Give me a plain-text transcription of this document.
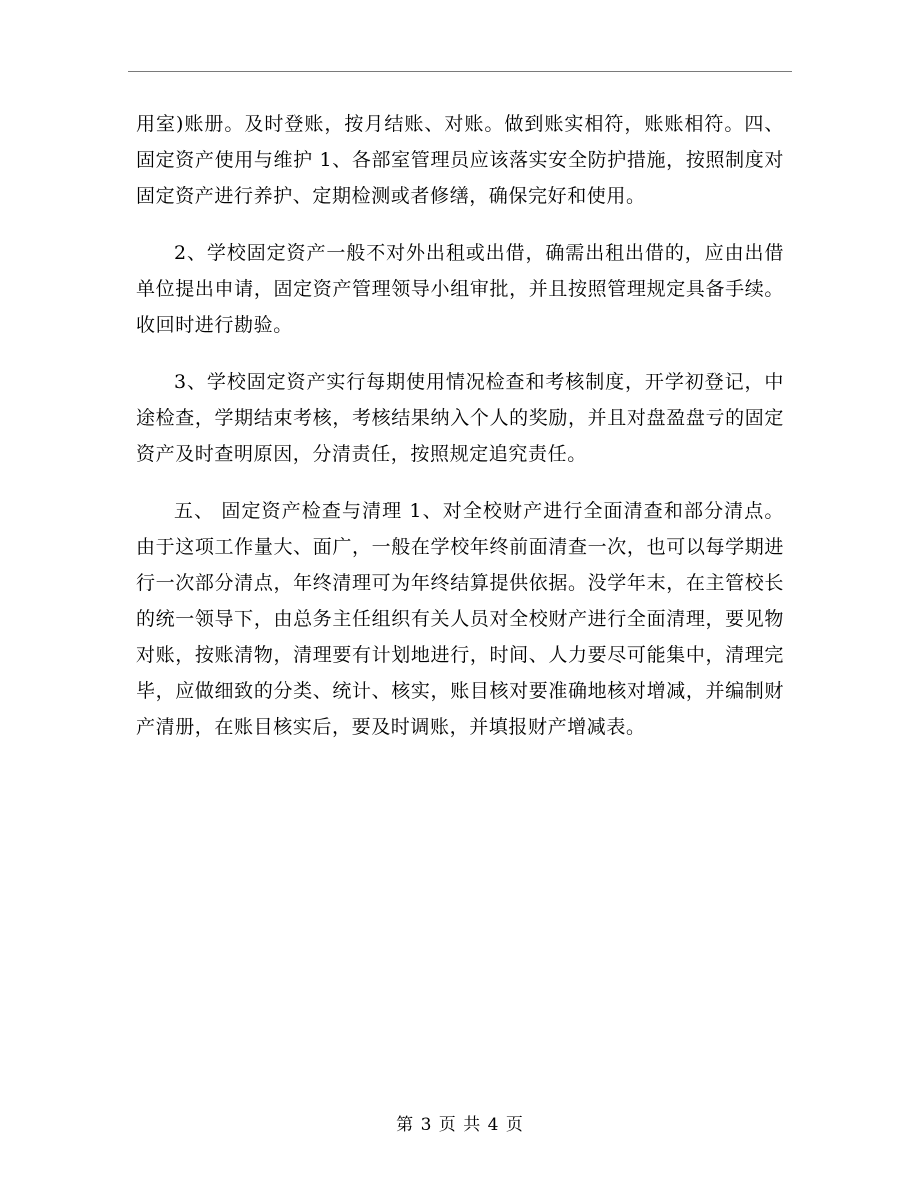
用室)账册。及时登账，按月结账、对账。做到账实相符，账账相符。四、固定资产使用与维护 1、各部室管理员应该落实安全防护措施，按照制度对固定资产进行养护、定期检测或者修缮，确保完好和使用。

2、学校固定资产一般不对外出租或出借，确需出租出借的，应由出借单位提出申请，固定资产管理领导小组审批，并且按照管理规定具备手续。收回时进行勘验。

3、学校固定资产实行每期使用情况检查和考核制度，开学初登记，中途检查，学期结束考核，考核结果纳入个人的奖励，并且对盘盈盘亏的固定资产及时查明原因，分清责任，按照规定追究责任。

五、 固定资产检查与清理 1、对全校财产进行全面清查和部分清点。由于这项工作量大、面广，一般在学校年终前面清查一次，也可以每学期进行一次部分清点，年终清理可为年终结算提供依据。没学年末，在主管校长的统一领导下，由总务主任组织有关人员对全校财产进行全面清理，要见物对账，按账清物，清理要有计划地进行，时间、人力要尽可能集中，清理完毕，应做细致的分类、统计、核实，账目核对要准确地核对增减，并编制财产清册，在账目核实后，要及时调账，并填报财产增减表。

第 3 页 共 4 页
